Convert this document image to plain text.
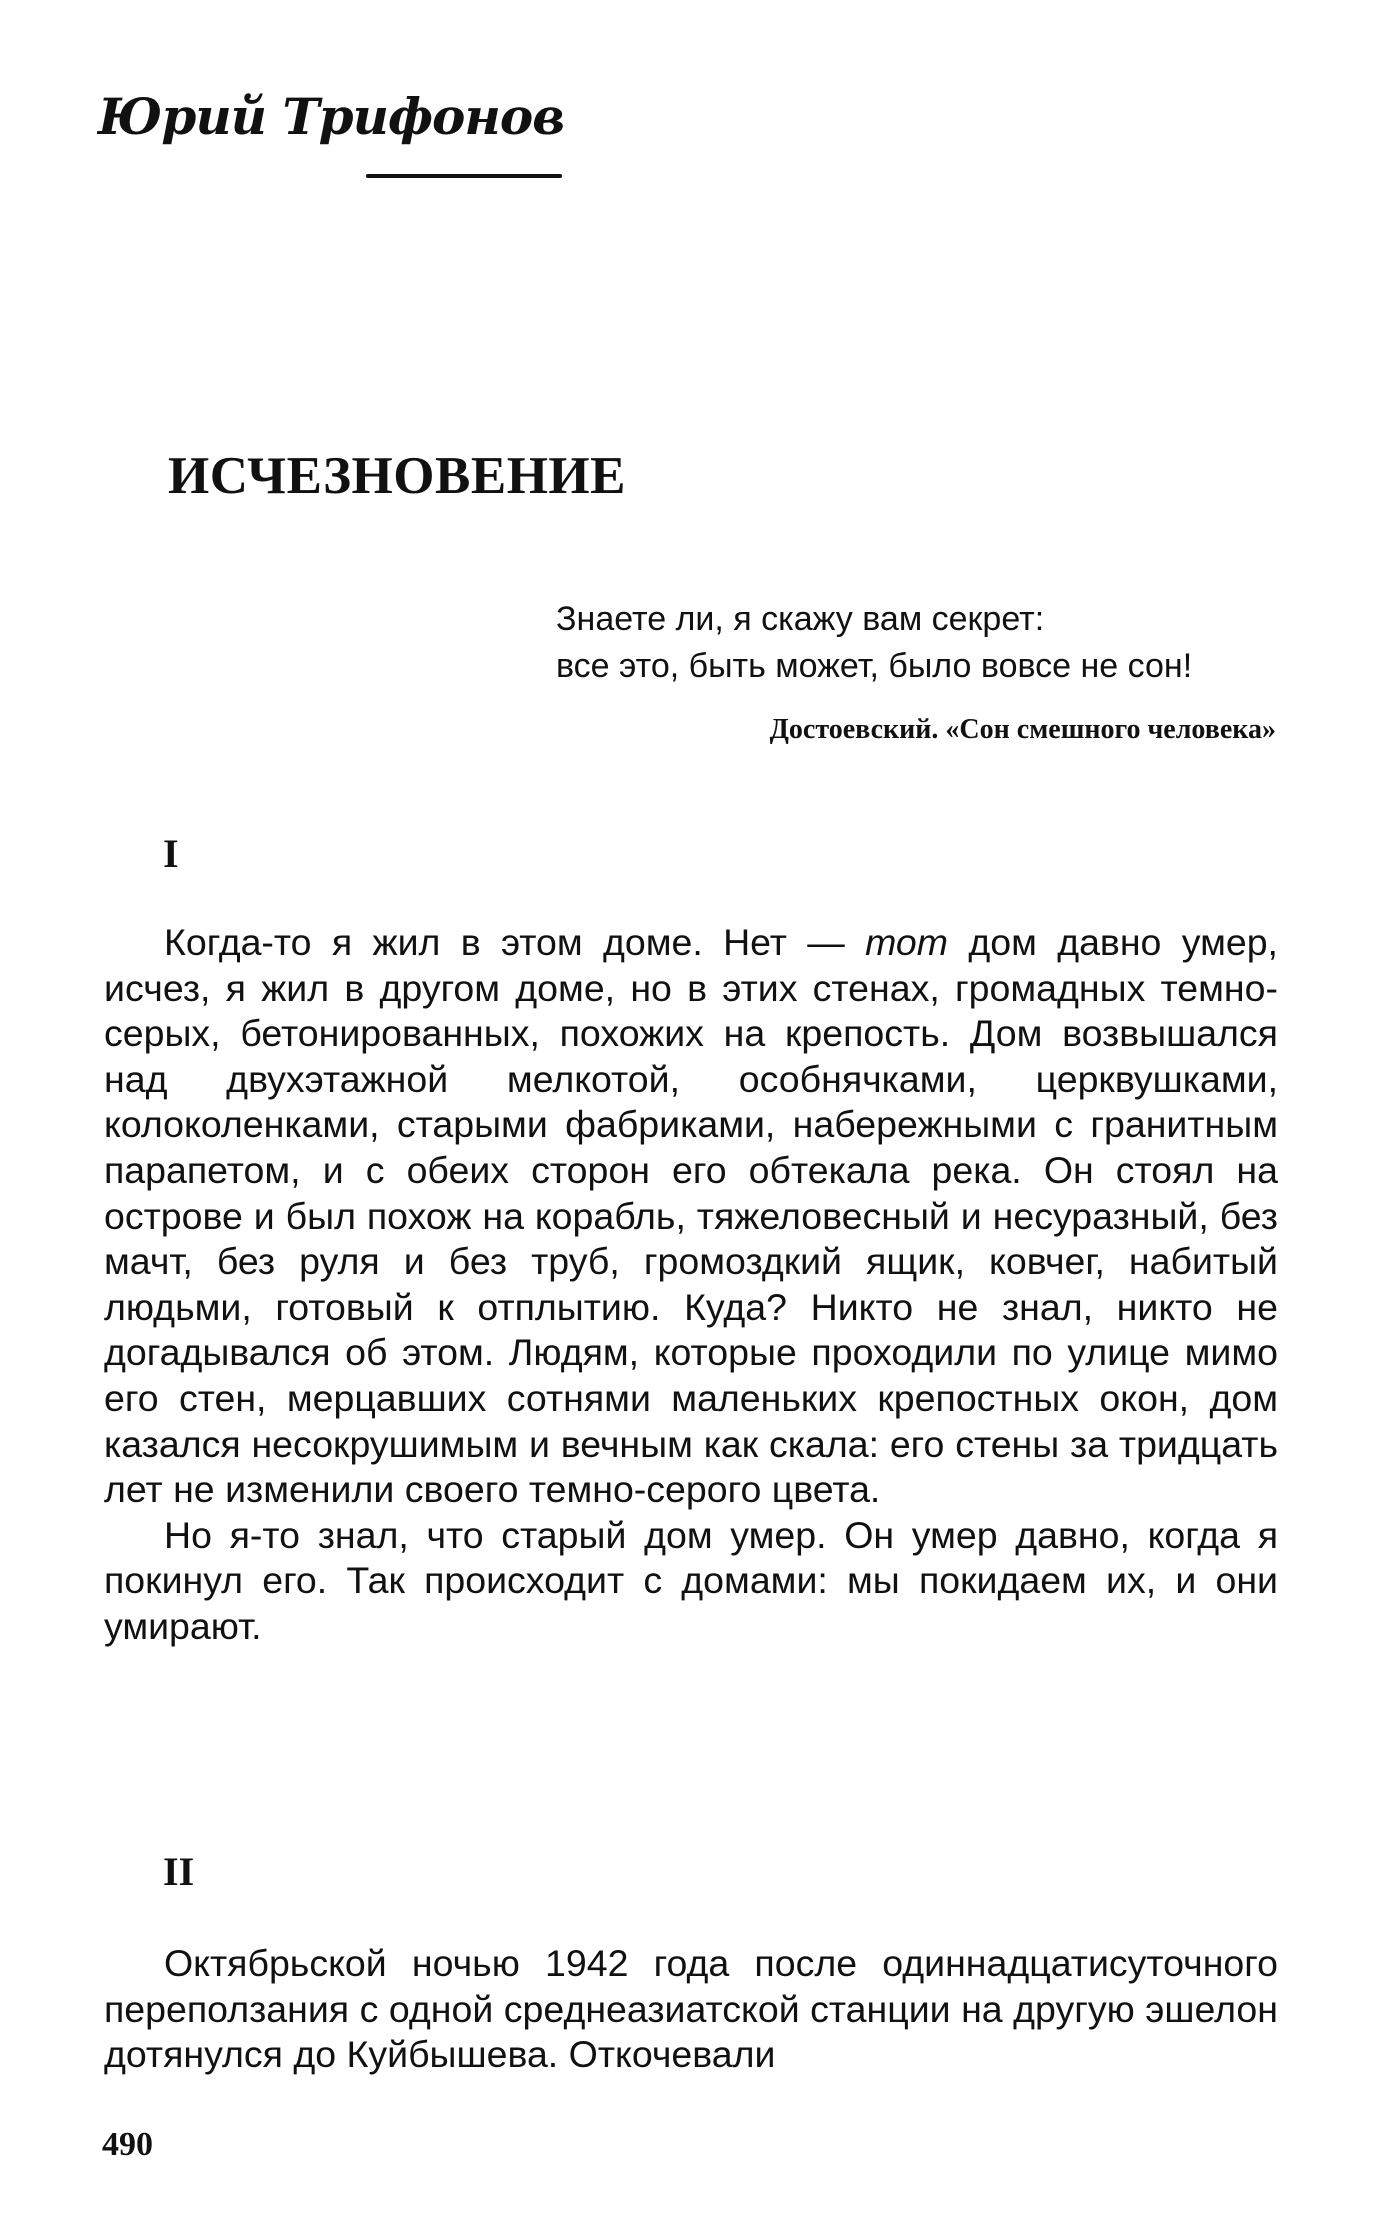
Юрий Трифонов
ИСЧЕЗНОВЕНИЕ
Знаете ли, я скажу вам секрет:
все это, быть может, было вовсе не сон!
Достоевский. «Сон смешного человека»
I

Когда-то я жил в этом доме. Нет — тот дом давно умер, исчез, я жил в другом доме, но в этих стенах, громадных темно-серых, бетонированных, похожих на крепость. Дом возвышался над двухэтажной мелкотой, особнячками, церквушками, колоколенками, старыми фабриками, набережными с гранитным парапетом, и с обеих сторон его обтекала река. Он стоял на острове и был похож на корабль, тяжеловесный и несуразный, без мачт, без руля и без труб, громоздкий ящик, ковчег, набитый людьми, готовый к отплытию. Куда? Никто не знал, никто не догадывался об этом. Людям, которые проходили по улице мимо его стен, мерцавших сотнями маленьких крепостных окон, дом казался несокрушимым и вечным как скала: его стены за тридцать лет не изменили своего темно-серого цвета.

Но я-то знал, что старый дом умер. Он умер давно, когда я покинул его. Так происходит с домами: мы покидаем их, и они умирают.

II

Октябрьской ночью 1942 года после одиннадцатисуточного переползания с одной среднеазиатской станции на другую эшелон дотянулся до Куйбышева. Откочевали

490
